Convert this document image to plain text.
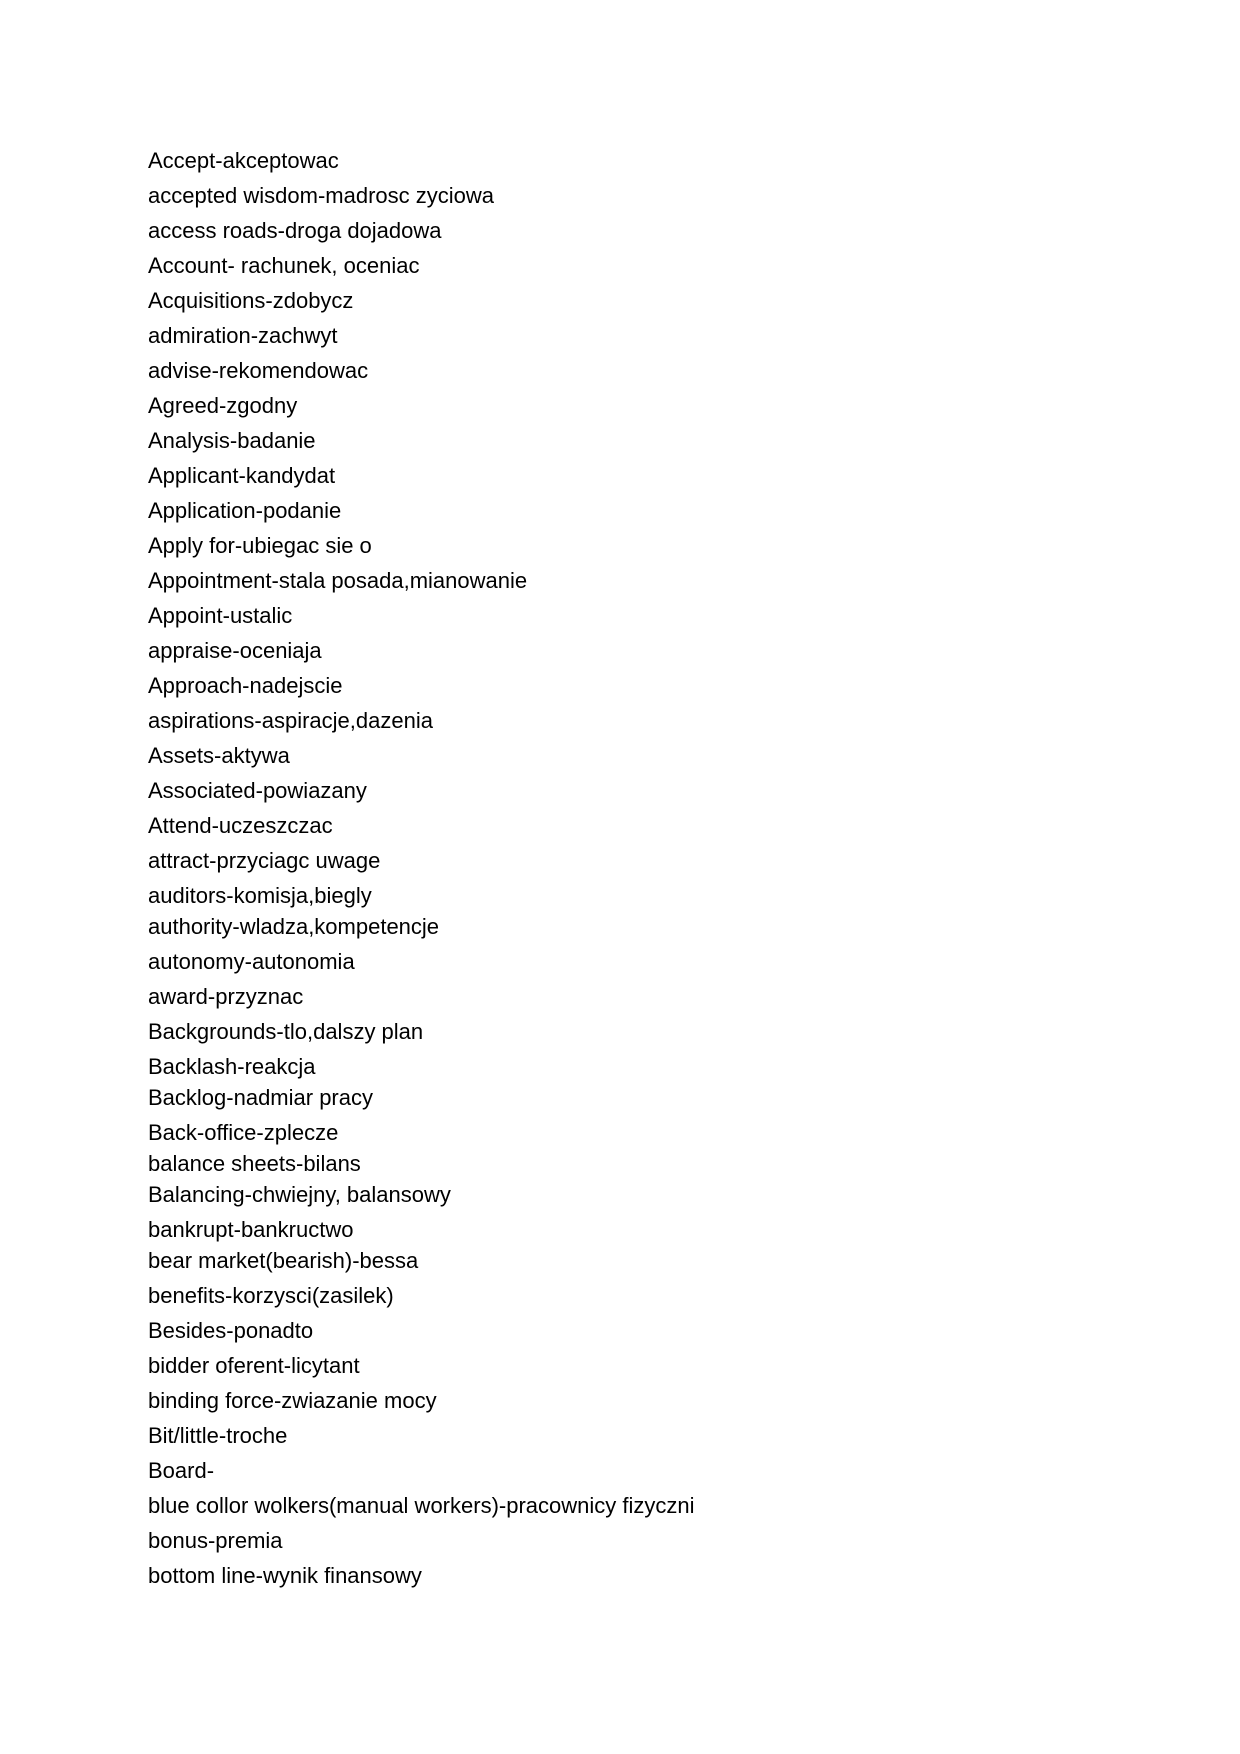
Accept-akceptowac
accepted wisdom-madrosc zyciowa
access roads-droga dojadowa
Account- rachunek, oceniac
Acquisitions-zdobycz
admiration-zachwyt
advise-rekomendowac
Agreed-zgodny
Analysis-badanie
Applicant-kandydat
Application-podanie
Apply for-ubiegac sie o
Appointment-stala posada,mianowanie
Appoint-ustalic
appraise-oceniaja
Approach-nadejscie
aspirations-aspiracje,dazenia
Assets-aktywa
Associated-powiazany
Attend-uczeszczac
attract-przyciagc uwage
auditors-komisja,biegly
authority-wladza,kompetencje
autonomy-autonomia
award-przyznac
Backgrounds-tlo,dalszy plan
Backlash-reakcja
Backlog-nadmiar pracy
Back-office-zplecze
balance sheets-bilans
Balancing-chwiejny, balansowy
bankrupt-bankructwo
bear market(bearish)-bessa
benefits-korzysci(zasilek)
Besides-ponadto
bidder oferent-licytant
binding force-zwiazanie mocy
Bit/little-troche
Board-
blue collor wolkers(manual workers)-pracownicy fizyczni
bonus-premia
bottom line-wynik finansowy
